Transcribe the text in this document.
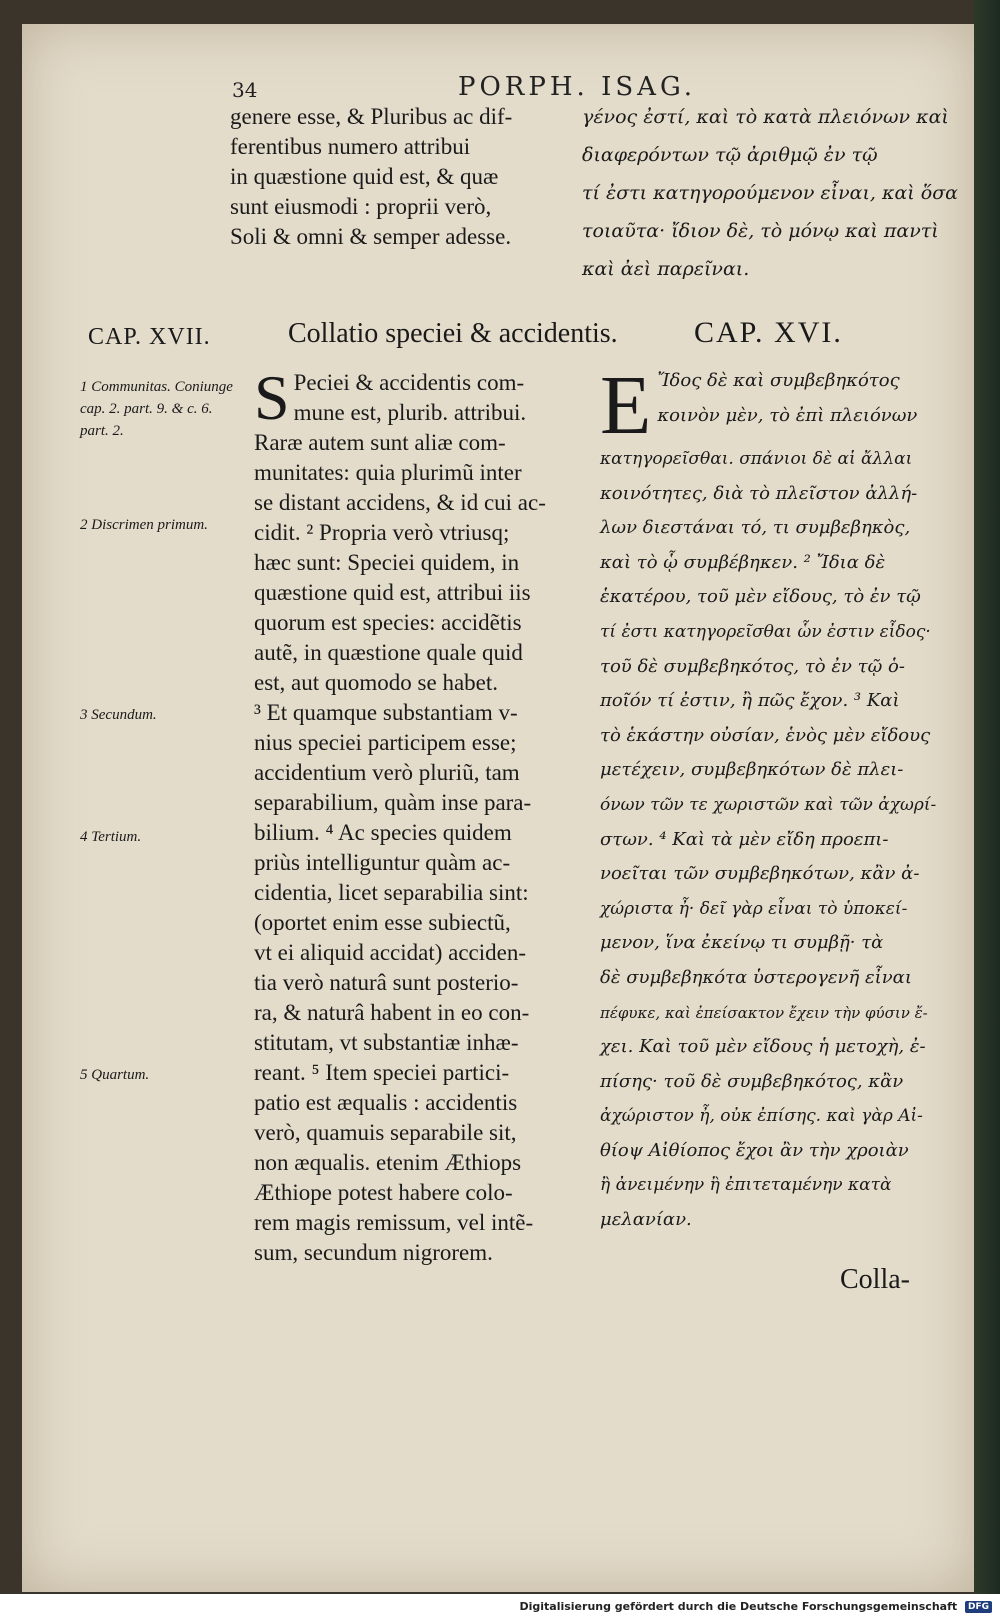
34	PORPH. ISAG.
genere esse, & Pluribus ac dif-
ferentibus numero attribui
in quæstione quid est, & quæ
sunt eiusmodi : proprii verò,
Soli & omni & semper adesse.
γένος ἐστί, καὶ τὸ κατὰ πλειόνων καὶ
διαφερόντων τῷ ἀριθμῷ ἐν τῷ
τί ἐστι κατηγορούμενον εἶναι, καὶ ὅσα
τοιαῦτα· ἴδιον δὲ, τὸ μόνῳ καὶ παντὶ
καὶ ἀεὶ παρεῖναι.
CAP. XVII.	Collatio speciei & accidentis.	CAP. XVI.
1 Communitas. Coniunge cap. 2. part. 9. & c. 6. part. 2.
2 Discrimen primum.
3 Secundum.
4 Tertium.
5 Quartum.
S Peciei & accidentis com-
mune est, plurib. attribui.
Raræ autem sunt aliæ com-
munitates: quia plurimũ inter
se distant accidens, & id cui ac-
cidit. ² Propria verò vtriusq;
hæc sunt: Speciei quidem, in
quæstione quid est, attribui iis
quorum est species: accidẽtis
autẽ, in quæstione quale quid
est, aut quomodo se habet.
³ Et quamque substantiam v-
nius speciei participem esse;
accidentium verò pluriũ, tam
separabilium, quàm inse para-
bilium. ⁴ Ac species quidem
priùs intelliguntur quàm ac-
cidentia, licet separabilia sint:
(oportet enim esse subiectũ,
vt ei aliquid accidat) acciden-
tia verò naturâ sunt posterio-
ra, & naturâ habent in eo con-
stitutam, vt substantiæ inhæ-
reant. ⁵ Item speciei partici-
patio est æqualis : accidentis
verò, quamuis separabile sit,
non æqualis. etenim Æthiops
Æthiope potest habere colo-
rem magis remissum, vel intẽ-
sum, secundum nigrorem.
E Ἴδος δὲ καὶ συμβεβηκότος
κοινὸν μὲν, τὸ ἐπὶ πλειόνων
κατηγορεῖσθαι. σπάνιοι δὲ αἱ ἄλλαι
κοινότητες, διὰ τὸ πλεῖστον ἀλλή-
λων διεστάναι τό, τι συμβεβηκὸς,
καὶ τὸ ᾧ συμβέβηκεν. ² Ἴδια δὲ
ἑκατέρου, τοῦ μὲν εἴδους, τὸ ἐν τῷ
τί ἐστι κατηγορεῖσθαι ὧν ἐστιν εἶδος·
τοῦ δὲ συμβεβηκότος, τὸ ἐν τῷ ὁ-
ποῖόν τί ἐστιν, ἢ πῶς ἔχον. ³ Καὶ
τὸ ἑκάστην οὐσίαν, ἑνὸς μὲν εἴδους
μετέχειν, συμβεβηκότων δὲ πλει-
όνων τῶν τε χωριστῶν καὶ τῶν ἀχωρί-
στων. ⁴ Καὶ τὰ μὲν εἴδη προεπι-
νοεῖται τῶν συμβεβηκότων, κἂν ἀ-
χώριστα ἦ· δεῖ γὰρ εἶναι τὸ ὑποκεί-
μενον, ἵνα ἐκείνῳ τι συμβῇ· τὰ
δὲ συμβεβηκότα ὑστερογενῆ εἶναι
πέφυκε, καὶ ἐπείσακτον ἔχειν τὴν φύσιν ἔ-
χει. Καὶ τοῦ μὲν εἴδους ἡ μετοχὴ, ἐ-
πίσης· τοῦ δὲ συμβεβηκότος, κἂν
ἀχώριστον ἦ, οὐκ ἐπίσης. καὶ γὰρ Αἰ-
θίοψ Αἰθίοπος ἔχοι ἂν τὴν χροιὰν
ἢ ἀνειμένην ἢ ἐπιτεταμένην κατὰ
μελανίαν.
Colla-
Digitalisierung gefördert durch die Deutsche Forschungsgemeinschaft DFG
